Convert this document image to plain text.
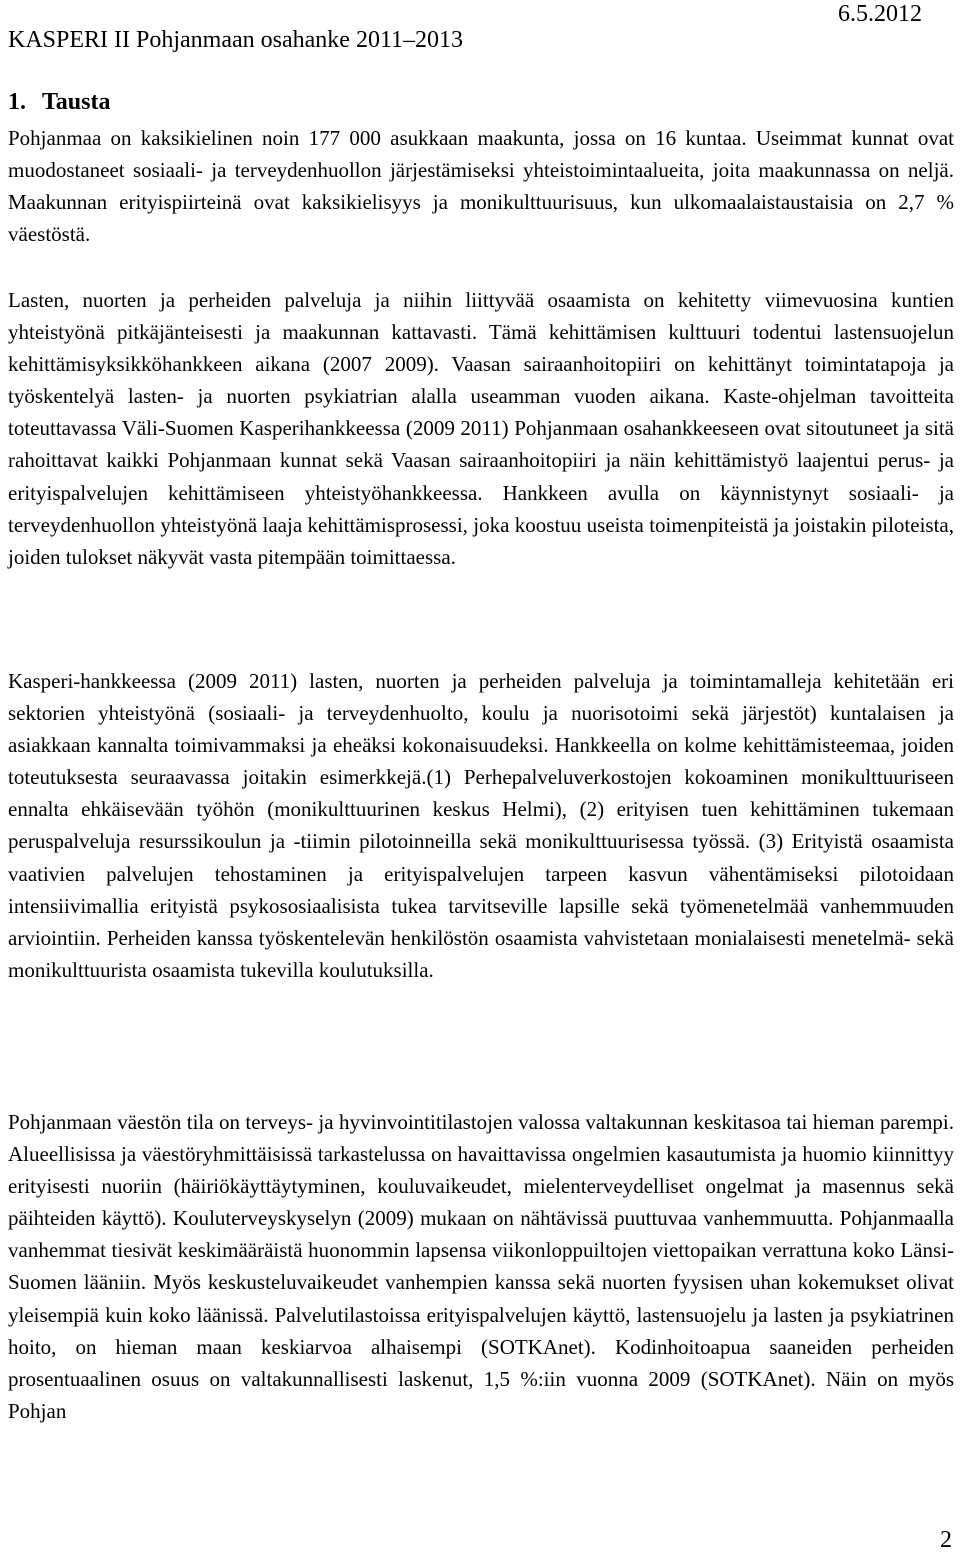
6.5.2012
KASPERI II Pohjanmaan osahanke 2011–2013
1. Tausta

Pohjanmaa on kaksikielinen noin 177 000 asukkaan maakunta, jossa on 16 kuntaa. Useimmat kunnat ovat muodostaneet sosiaali- ja terveydenhuollon järjestämiseksi yhteistoimintaalueita, joita maakunnassa on neljä. Maakunnan erityispiirteinä ovat kaksikielisyys ja monikulttuurisuus, kun ulkomaalaistaustaisia on 2,7 % väestöstä.

Lasten, nuorten ja perheiden palveluja ja niihin liittyvää osaamista on kehitetty viimevuosina kuntien yhteistyönä pitkäjänteisesti ja maakunnan kattavasti. Tämä kehittämisen kulttuuri todentui lastensuojelun kehittämisyksikköhankkeen aikana (2007 2009). Vaasan sairaanhoitopiiri on kehittänyt toimintatapoja ja työskentelyä lasten- ja nuorten psykiatrian alalla useamman vuoden aikana. Kaste-ohjelman tavoitteita toteuttavassa Väli-Suomen Kasperihankkeessa (2009 2011) Pohjanmaan osahankkeeseen ovat sitoutuneet ja sitä rahoittavat kaikki Pohjanmaan kunnat sekä Vaasan sairaanhoitopiiri ja näin kehittämistyö laajentui perus- ja erityispalvelujen kehittämiseen yhteistyöhankkeessa. Hankkeen avulla on käynnistynyt sosiaali- ja terveydenhuollon yhteistyönä laaja kehittämisprosessi, joka koostuu useista toimenpiteistä ja joistakin piloteista, joiden tulokset näkyvät vasta pitempään toimittaessa.

Kasperi-hankkeessa (2009 2011) lasten, nuorten ja perheiden palveluja ja toimintamalleja kehitetään eri sektorien yhteistyönä (sosiaali- ja terveydenhuolto, koulu ja nuorisotoimi sekä järjestöt) kuntalaisen ja asiakkaan kannalta toimivammaksi ja eheäksi kokonaisuudeksi. Hankkeella on kolme kehittämisteemaa, joiden toteutuksesta seuraavassa joitakin esimerkkejä.(1) Perhepalveluverkostojen kokoaminen monikulttuuriseen ennalta ehkäisevään työhön (monikulttuurinen keskus Helmi), (2) erityisen tuen kehittäminen tukemaan peruspalveluja resurssikoulun ja -tiimin pilotoinneilla sekä monikulttuurisessa työssä. (3) Erityistä osaamista vaativien palvelujen tehostaminen ja erityispalvelujen tarpeen kasvun vähentämiseksi pilotoidaan intensiivimallia erityistä psykososiaalisista tukea tarvitseville lapsille sekä työmenetelmää vanhemmuuden arviointiin. Perheiden kanssa työskentelevän henkilöstön osaamista vahvistetaan monialaisesti menetelmä- sekä monikulttuurista osaamista tukevilla koulutuksilla.

Pohjanmaan väestön tila on terveys- ja hyvinvointitilastojen valossa valtakunnan keskitasoa tai hieman parempi. Alueellisissa ja väestöryhmittäisissä tarkastelussa on havaittavissa ongelmien kasautumista ja huomio kiinnittyy erityisesti nuoriin (häiriökäyttäytyminen, kouluvaikeudet, mielenterveydelliset ongelmat ja masennus sekä päihteiden käyttö). Kouluterveyskyselyn (2009) mukaan on nähtävissä puuttuvaa vanhemmuutta. Pohjanmaalla vanhemmat tiesivät keskimääräistä huonommin lapsensa viikonloppuiltojen viettopaikan verrattuna koko Länsi-Suomen lääniin. Myös keskusteluvaikeudet vanhempien kanssa sekä nuorten fyysisen uhan kokemukset olivat yleisempiä kuin koko läänissä. Palvelutilastoissa erityispalvelujen käyttö, lastensuojelu ja lasten ja psykiatrinen hoito, on hieman maan keskiarvoa alhaisempi (SOTKAnet). Kodinhoitoapua saaneiden perheiden prosentuaalinen osuus on valtakunnallisesti laskenut, 1,5 %:iin vuonna 2009 (SOTKAnet). Näin on myös Pohjan

2
